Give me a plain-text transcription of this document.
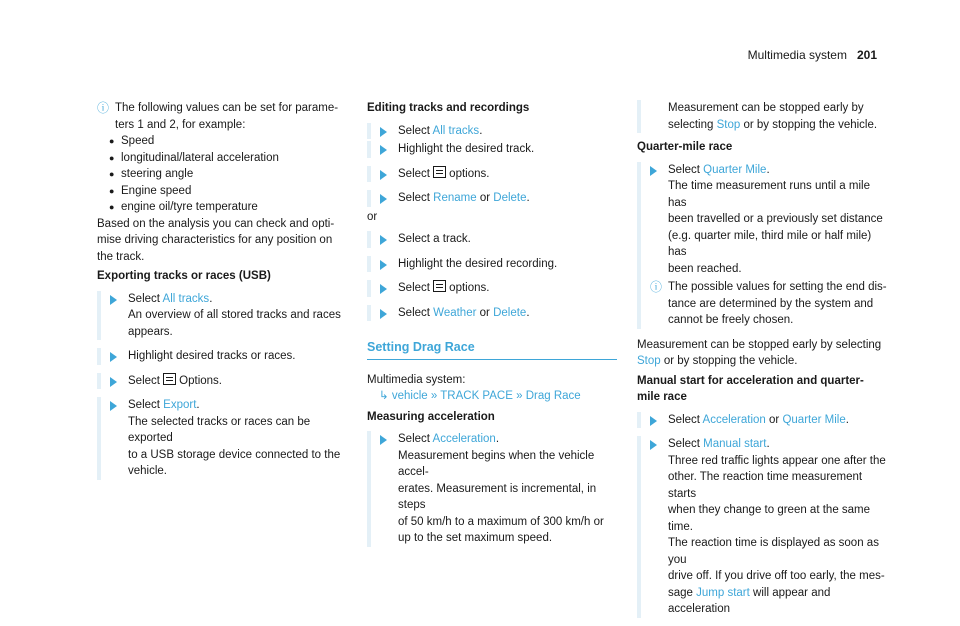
Multimedia system 201
ⓘ The following values can be set for parame-
ters 1 and 2, for example:
● Speed
● longitudinal/lateral acceleration
● steering angle
● Engine speed
● engine oil/tyre temperature
Based on the analysis you can check and opti-
mise driving characteristics for any position on
the track.
Exporting tracks or races (USB)
Select All tracks.
An overview of all stored tracks and races
appears.
Highlight desired tracks or races.
Select Options.
Select Export.
The selected tracks or races can be exported
to a USB storage device connected to the
vehicle.
Editing tracks and recordings
Select All tracks.
Highlight the desired track.
Select options.
Select Rename or Delete.
or
Select a track.
Highlight the desired recording.
Select options.
Select Weather or Delete.
Setting Drag Race
Multimedia system:
↳ vehicle » TRACK PACE » Drag Race
Measuring acceleration
Select Acceleration.
Measurement begins when the vehicle accel-
erates. Measurement is incremental, in steps
of 50 km/h to a maximum of 300 km/h or
up to the set maximum speed.
Measurement can be stopped early by
selecting Stop or by stopping the vehicle.
Quarter-mile race
Select Quarter Mile.
The time measurement runs until a mile has
been travelled or a previously set distance
(e.g. quarter mile, third mile or half mile) has
been reached.
ⓘ The possible values for setting the end dis-
tance are determined by the system and
cannot be freely chosen.
Measurement can be stopped early by selecting
Stop or by stopping the vehicle.
Manual start for acceleration and quarter-
mile race
Select Acceleration or Quarter Mile.
Select Manual start.
Three red traffic lights appear one after the
other. The reaction time measurement starts
when they change to green at the same time.
The reaction time is displayed as soon as you
drive off. If you drive off too early, the mes-
sage Jump start will appear and acceleration
